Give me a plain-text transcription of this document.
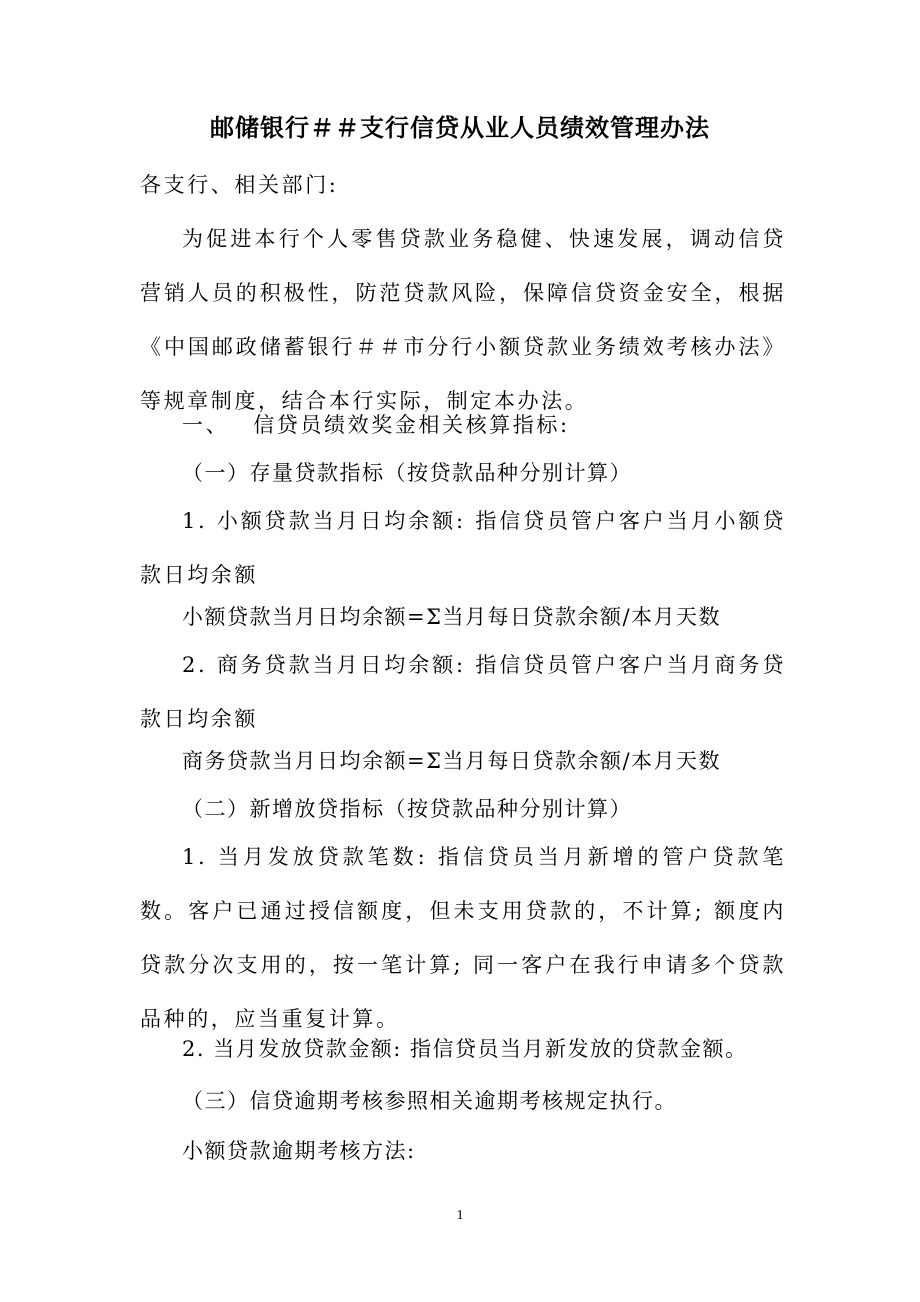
邮储银行＃＃支行信贷从业人员绩效管理办法
各支行、相关部门:
为促进本行个人零售贷款业务稳健、快速发展，调动信贷营销人员的积极性，防范贷款风险，保障信贷资金安全，根据《中国邮政储蓄银行＃＃市分行小额贷款业务绩效考核办法》等规章制度，结合本行实际，制定本办法。
一、 信贷员绩效奖金相关核算指标:
（一）存量贷款指标（按贷款品种分别计算）
1. 小额贷款当月日均余额: 指信贷员管户客户当月小额贷款日均余额
小额贷款当月日均余额=Σ当月每日贷款余额/本月天数
2. 商务贷款当月日均余额: 指信贷员管户客户当月商务贷款日均余额
商务贷款当月日均余额=Σ当月每日贷款余额/本月天数
（二）新增放贷指标（按贷款品种分别计算）
1. 当月发放贷款笔数: 指信贷员当月新增的管户贷款笔数。客户已通过授信额度，但未支用贷款的，不计算; 额度内贷款分次支用的，按一笔计算; 同一客户在我行申请多个贷款品种的，应当重复计算。
2. 当月发放贷款金额: 指信贷员当月新发放的贷款金额。
（三）信贷逾期考核参照相关逾期考核规定执行。
小额贷款逾期考核方法:
1
